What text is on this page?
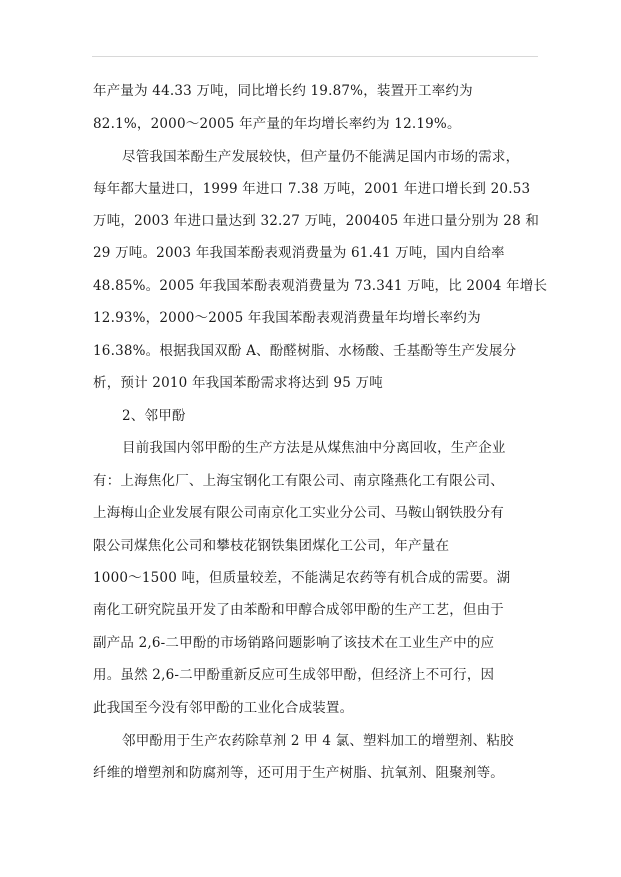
年产量为 44.33 万吨，同比增长约 19.87%，装置开工率约为
82.1%，2000～2005 年产量的年均增长率约为 12.19%。
尽管我国苯酚生产发展较快，但产量仍不能满足国内市场的需求，
每年都大量进口，1999 年进口 7.38 万吨，2001 年进口增长到 20.53
万吨，2003 年进口量达到 32.27 万吨，200405 年进口量分别为 28 和
29 万吨。2003 年我国苯酚表观消费量为 61.41 万吨，国内自给率
48.85%。2005 年我国苯酚表观消费量为 73.341 万吨，比 2004 年增长
12.93%，2000～2005 年我国苯酚表观消费量年均增长率约为
16.38%。根据我国双酚 A、酚醛树脂、水杨酸、壬基酚等生产发展分
析，预计 2010 年我国苯酚需求将达到 95 万吨
2、邻甲酚
目前我国内邻甲酚的生产方法是从煤焦油中分离回收，生产企业
有：上海焦化厂、上海宝钢化工有限公司、南京隆燕化工有限公司、
上海梅山企业发展有限公司南京化工实业分公司、马鞍山钢铁股分有
限公司煤焦化公司和攀枝花钢铁集团煤化工公司，年产量在
1000～1500 吨，但质量较差，不能满足农药等有机合成的需要。湖
南化工研究院虽开发了由苯酚和甲醇合成邻甲酚的生产工艺，但由于
副产品 2,6-二甲酚的市场销路问题影响了该技术在工业生产中的应
用。虽然 2,6-二甲酚重新反应可生成邻甲酚，但经济上不可行，因
此我国至今没有邻甲酚的工业化合成装置。
邻甲酚用于生产农药除草剂 2 甲 4 氯、塑料加工的增塑剂、粘胶
纤维的增塑剂和防腐剂等，还可用于生产树脂、抗氧剂、阻聚剂等。
